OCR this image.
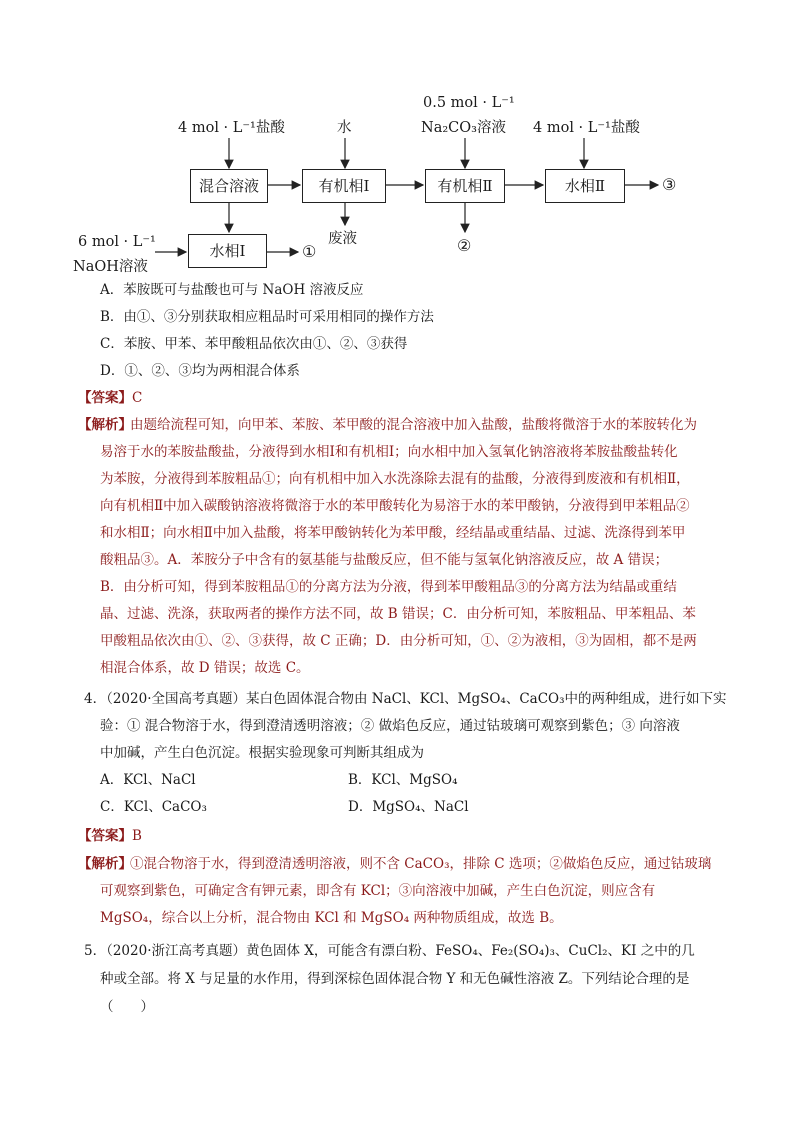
4 mol · L⁻¹盐酸	水
0.5 mol · L⁻¹
Na₂CO₃溶液 4 mol · L⁻¹盐酸
混合溶液	有机相Ⅰ	有机相Ⅱ	水相Ⅱ
水相Ⅰ
③
①	②
废液
6 mol · L⁻¹
NaOH溶液
A．苯胺既可与盐酸也可与 NaOH 溶液反应
B．由①、③分别获取相应粗品时可采用相同的操作方法
C．苯胺、甲苯、苯甲酸粗品依次由①、②、③获得
D．①、②、③均为两相混合体系
【答案】C
【解析】
由题给流程可知，向甲苯、苯胺、苯甲酸的混合溶液中加入盐酸，盐酸将微溶于水的苯胺转化为
易溶于水的苯胺盐酸盐，分液得到水相Ⅰ和有机相Ⅰ；向水相中加入氢氧化钠溶液将苯胺盐酸盐转化
为苯胺，分液得到苯胺粗品①；向有机相中加入水洗涤除去混有的盐酸，分液得到废液和有机相Ⅱ，
向有机相Ⅱ中加入碳酸钠溶液将微溶于水的苯甲酸转化为易溶于水的苯甲酸钠，分液得到甲苯粗品②
和水相Ⅱ；向水相Ⅱ中加入盐酸，将苯甲酸钠转化为苯甲酸，经结晶或重结晶、过滤、洗涤得到苯甲
酸粗品③。A．苯胺分子中含有的氨基能与盐酸反应，但不能与氢氧化钠溶液反应，故 A 错误；
B．由分析可知，得到苯胺粗品①的分离方法为分液，得到苯甲酸粗品③的分离方法为结晶或重结
晶、过滤、洗涤，获取两者的操作方法不同，故 B 错误；C．由分析可知，苯胺粗品、甲苯粗品、苯
甲酸粗品依次由①、②、③获得，故 C 正确；D．由分析可知，①、②为液相，③为固相，都不是两
相混合体系，故 D 错误；故选 C。
4．（2020·全国高考真题）某白色固体混合物由 NaCl、KCl、MgSO₄、CaCO₃中的两种组成，进行如下实
验：① 混合物溶于水，得到澄清透明溶液；② 做焰色反应，通过钴玻璃可观察到紫色；③ 向溶液
中加碱，产生白色沉淀。根据实验现象可判断其组成为
A．KCl、NaCl	B．KCl、MgSO₄
C．KCl、CaCO₃	D．MgSO₄、NaCl
【答案】B
【解析】
①混合物溶于水，得到澄清透明溶液，则不含 CaCO₃，排除 C 选项；②做焰色反应，通过钴玻璃
可观察到紫色，可确定含有钾元素，即含有 KCl；③向溶液中加碱，产生白色沉淀，则应含有
MgSO₄，综合以上分析，混合物由 KCl 和 MgSO₄ 两种物质组成，故选 B。
5．（2020·浙江高考真题）黄色固体 X，可能含有漂白粉、FeSO₄、Fe₂(SO₄)₃、CuCl₂、KI 之中的几
种或全部。将 X 与足量的水作用，得到深棕色固体混合物 Y 和无色碱性溶液 Z。下列结论合理的是
（　　）
